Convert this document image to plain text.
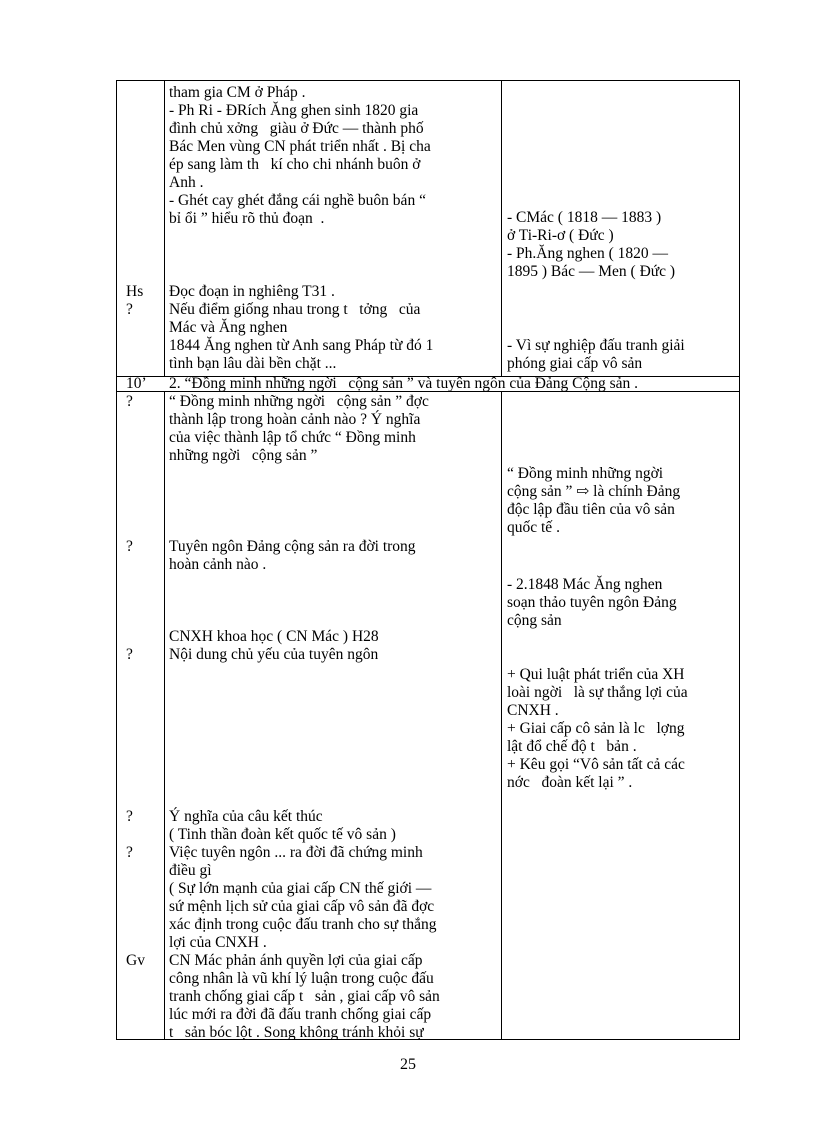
Hs
?
tham gia CM ở Pháp .
- Ph Ri - ĐRích Ăng ghen sinh 1820 gia
đình chủ xởng   giàu ở Đức — thành phố
Bác Men vùng CN phát triển nhất . Bị cha
ép sang làm th   kí cho chi nhánh buôn ở
Anh .
- Ghét cay ghét đắng cái nghề buôn bán “
bỉ ổi ” hiểu rõ thủ đoạn  .
Đọc đoạn in nghiêng T31 .
Nếu điểm giống nhau trong t   tởng   của
Mác và Ăng nghen
1844 Ăng nghen từ Anh sang Pháp từ đó 1
tình bạn lâu dài bền chặt ...
- CMác ( 1818 — 1883 )
ở Ti-Ri-ơ ( Đức )
- Ph.Ăng nghen ( 1820 —
1895 ) Bác — Men ( Đức )
- Vì sự nghiệp đấu tranh giải
phóng giai cấp vô sản
10’ 2. “Đồng minh những ngời   cộng sản ” và tuyên ngôn của Đảng Cộng sản .
?
?
?
?
?
Gv
“ Đồng minh những ngời   cộng sản ” đợc
thành lập trong hoàn cảnh nào ? Ý nghĩa
của việc thành lập tổ chức “ Đồng minh
những ngời   cộng sản ”
Tuyên ngôn Đảng cộng sản ra đời trong
hoàn cảnh nào .
CNXH khoa học ( CN Mác ) H28
Nội dung chủ yếu của tuyên ngôn
Ý nghĩa của câu kết thúc
( Tinh thần đoàn kết quốc tế vô sản )
Việc tuyên ngôn ... ra đời đã chứng minh
điều gì
( Sự lớn mạnh của giai cấp CN thế giới —
sứ mệnh lịch sử của giai cấp vô sản đã đợc
xác định trong cuộc đấu tranh cho sự thắng
lợi của CNXH .
CN Mác phản ánh quyền lợi của giai cấp
công nhân là vũ khí lý luận trong cuộc đấu
tranh chống giai cấp t   sản , giai cấp vô sản
lúc mới ra đời đã đấu tranh chống giai cấp
t   sản bóc lột . Song không tránh khỏi sự
“ Đồng minh những ngời
cộng sản ” ⇨ là chính Đảng
độc lập đầu tiên của vô sản
quốc tế .
- 2.1848 Mác Ăng nghen
soạn thảo tuyên ngôn Đảng
cộng sản
+ Qui luật phát triển của XH
loài ngời   là sự thắng lợi của
CNXH .
+ Giai cấp cô sản là lc   lợng
lật đổ chế độ t   bản .
+ Kêu gọi “Vô sản tất cả các
nớc   đoàn kết lại ” .
25
